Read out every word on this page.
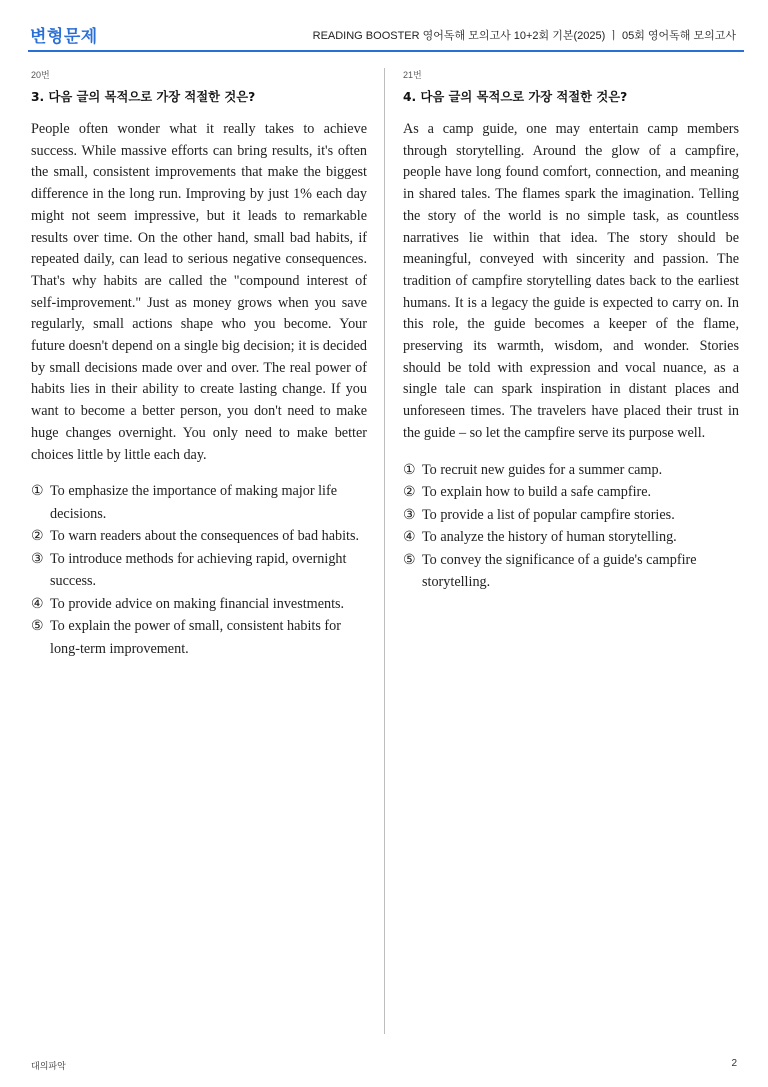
변형문제	READING BOOSTER 영어독해 모의고사 10+2회 기본(2025) ㅣ 05회 영어독해 모의고사
20번
3. 다음 글의 목적으로 가장 적절한 것은?

People often wonder what it really takes to achieve success. While massive efforts can bring results, it's often the small, consistent improvements that make the biggest difference in the long run. Improving by just 1% each day might not seem impressive, but it leads to remarkable results over time. On the other hand, small bad habits, if repeated daily, can lead to serious negative consequences. That's why habits are called the "compound interest of self-improvement." Just as money grows when you save regularly, small actions shape who you become. Your future doesn't depend on a single big decision; it is decided by small decisions made over and over. The real power of habits lies in their ability to create lasting change. If you want to become a better person, you don't need to make huge changes overnight. You only need to make better choices little by little each day.

① To emphasize the importance of making major life decisions.
② To warn readers about the consequences of bad habits.
③ To introduce methods for achieving rapid, overnight success.
④ To provide advice on making financial investments.
⑤ To explain the power of small, consistent habits for long-term improvement.
21번
4. 다음 글의 목적으로 가장 적절한 것은?

As a camp guide, one may entertain camp members through storytelling. Around the glow of a campfire, people have long found comfort, connection, and meaning in shared tales. The flames spark the imagination. Telling the story of the world is no simple task, as countless narratives lie within that idea. The story should be meaningful, conveyed with sincerity and passion. The tradition of campfire storytelling dates back to the earliest humans. It is a legacy the guide is expected to carry on. In this role, the guide becomes a keeper of the flame, preserving its warmth, wisdom, and wonder. Stories should be told with expression and vocal nuance, as a single tale can spark inspiration in distant places and unforeseen times. The travelers have placed their trust in the guide – so let the campfire serve its purpose well.

① To recruit new guides for a summer camp.
② To explain how to build a safe campfire.
③ To provide a list of popular campfire stories.
④ To analyze the history of human storytelling.
⑤ To convey the significance of a guide's campfire storytelling.
대의파악	2
